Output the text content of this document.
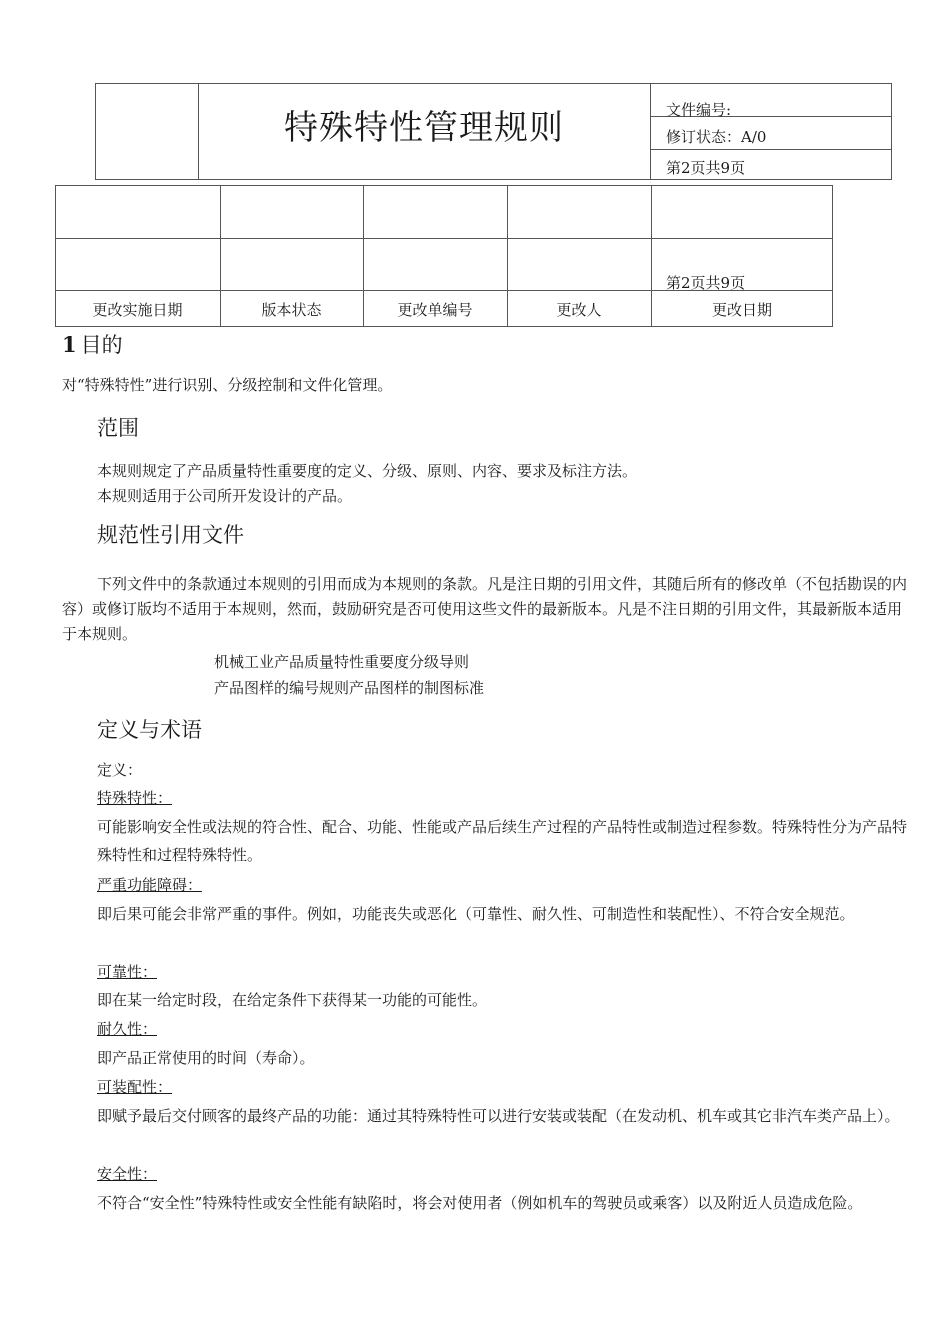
特殊特性管理规则	文件编号:
修订状态：A/0
第2页共9页
第2页共9页
更改实施日期	版本状态	更改单编号	更改人	更改日期
1 目的
对“特殊特性”进行识别、分级控制和文件化管理。
范围
本规则规定了产品质量特性重要度的定义、分级、原则、内容、要求及标注方法。
本规则适用于公司所开发设计的产品。
规范性引用文件
下列文件中的条款通过本规则的引用而成为本规则的条款。凡是注日期的引用文件，其随后所有的修改单（不包括勘误的内容）或修订版均不适用于本规则，然而，鼓励研究是否可使用这些文件的最新版本。凡是不注日期的引用文件，其最新版本适用于本规则。
机械工业产品质量特性重要度分级导则
产品图样的编号规则产品图样的制图标准
定义与术语
定义：
特殊特性：
可能影响安全性或法规的符合性、配合、功能、性能或产品后续生产过程的产品特性或制造过程参数。特殊特性分为产品特殊特性和过程特殊特性。
严重功能障碍：
即后果可能会非常严重的事件。例如，功能丧失或恶化（可靠性、耐久性、可制造性和装配性）、不符合安全规范。
可靠性：
即在某一给定时段，在给定条件下获得某一功能的可能性。
耐久性：
即产品正常使用的时间（寿命）。
可装配性：
即赋予最后交付顾客的最终产品的功能：通过其特殊特性可以进行安装或装配（在发动机、机车或其它非汽车类产品上）。
安全性：
不符合“安全性”特殊特性或安全性能有缺陷时，将会对使用者（例如机车的驾驶员或乘客）以及附近人员造成危险。
